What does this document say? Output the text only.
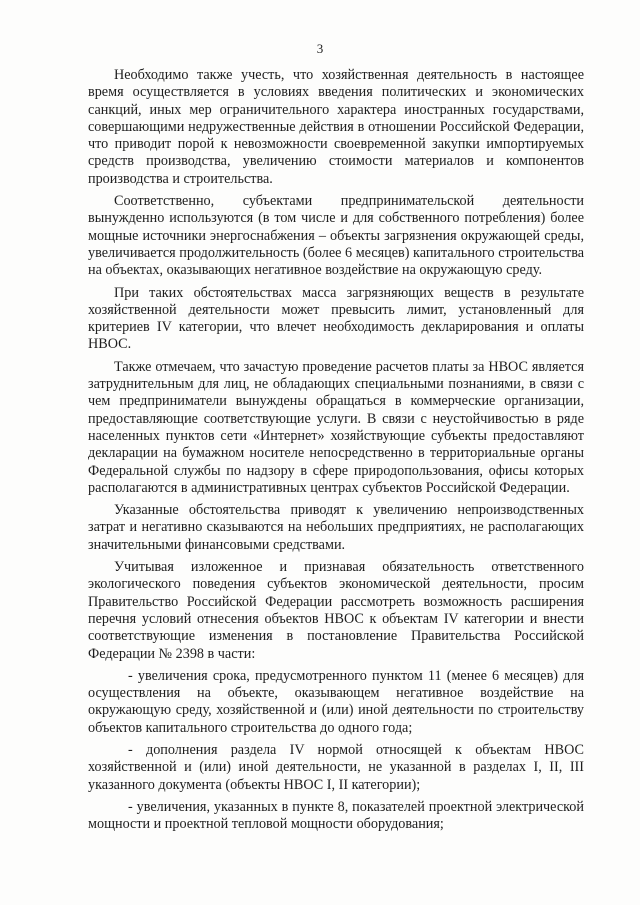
3

Необходимо также учесть, что хозяйственная деятельность в настоящее время осуществляется в условиях введения политических и экономических санкций, иных мер ограничительного характера иностранных государствами, совершающими недружественные действия в отношении Российской Федерации, что приводит порой к невозможности своевременной закупки импортируемых средств производства, увеличению стоимости материалов и компонентов производства и строительства.

Соответственно, субъектами предпринимательской деятельности вынужденно используются (в том числе и для собственного потребления) более мощные источники энергоснабжения – объекты загрязнения окружающей среды, увеличивается продолжительность (более 6 месяцев) капитального строительства на объектах, оказывающих негативное воздействие на окружающую среду.

При таких обстоятельствах масса загрязняющих веществ в результате хозяйственной деятельности может превысить лимит, установленный для критериев IV категории, что влечет необходимость декларирования и оплаты НВОС.

Также отмечаем, что зачастую проведение расчетов платы за НВОС является затруднительным для лиц, не обладающих специальными познаниями, в связи с чем предприниматели вынуждены обращаться в коммерческие организации, предоставляющие соответствующие услуги. В связи с неустойчивостью в ряде населенных пунктов сети «Интернет» хозяйствующие субъекты предоставляют декларации на бумажном носителе непосредственно в территориальные органы Федеральной службы по надзору в сфере природопользования, офисы которых располагаются в административных центрах субъектов Российской Федерации.

Указанные обстоятельства приводят к увеличению непроизводственных затрат и негативно сказываются на небольших предприятиях, не располагающих значительными финансовыми средствами.

Учитывая изложенное и признавая обязательность ответственного экологического поведения субъектов экономической деятельности, просим Правительство Российской Федерации рассмотреть возможность расширения перечня условий отнесения объектов НВОС к объектам IV категории и внести соответствующие изменения в постановление Правительства Российской Федерации № 2398 в части:

- увеличения срока, предусмотренного пунктом 11 (менее 6 месяцев) для осуществления на объекте, оказывающем негативное воздействие на окружающую среду, хозяйственной и (или) иной деятельности по строительству объектов капитального строительства до одного года;

- дополнения раздела IV нормой относящей к объектам НВОС хозяйственной и (или) иной деятельности, не указанной в разделах I, II, III указанного документа (объекты НВОС I, II категории);

- увеличения, указанных в пункте 8, показателей проектной электрической мощности и проектной тепловой мощности оборудования;
